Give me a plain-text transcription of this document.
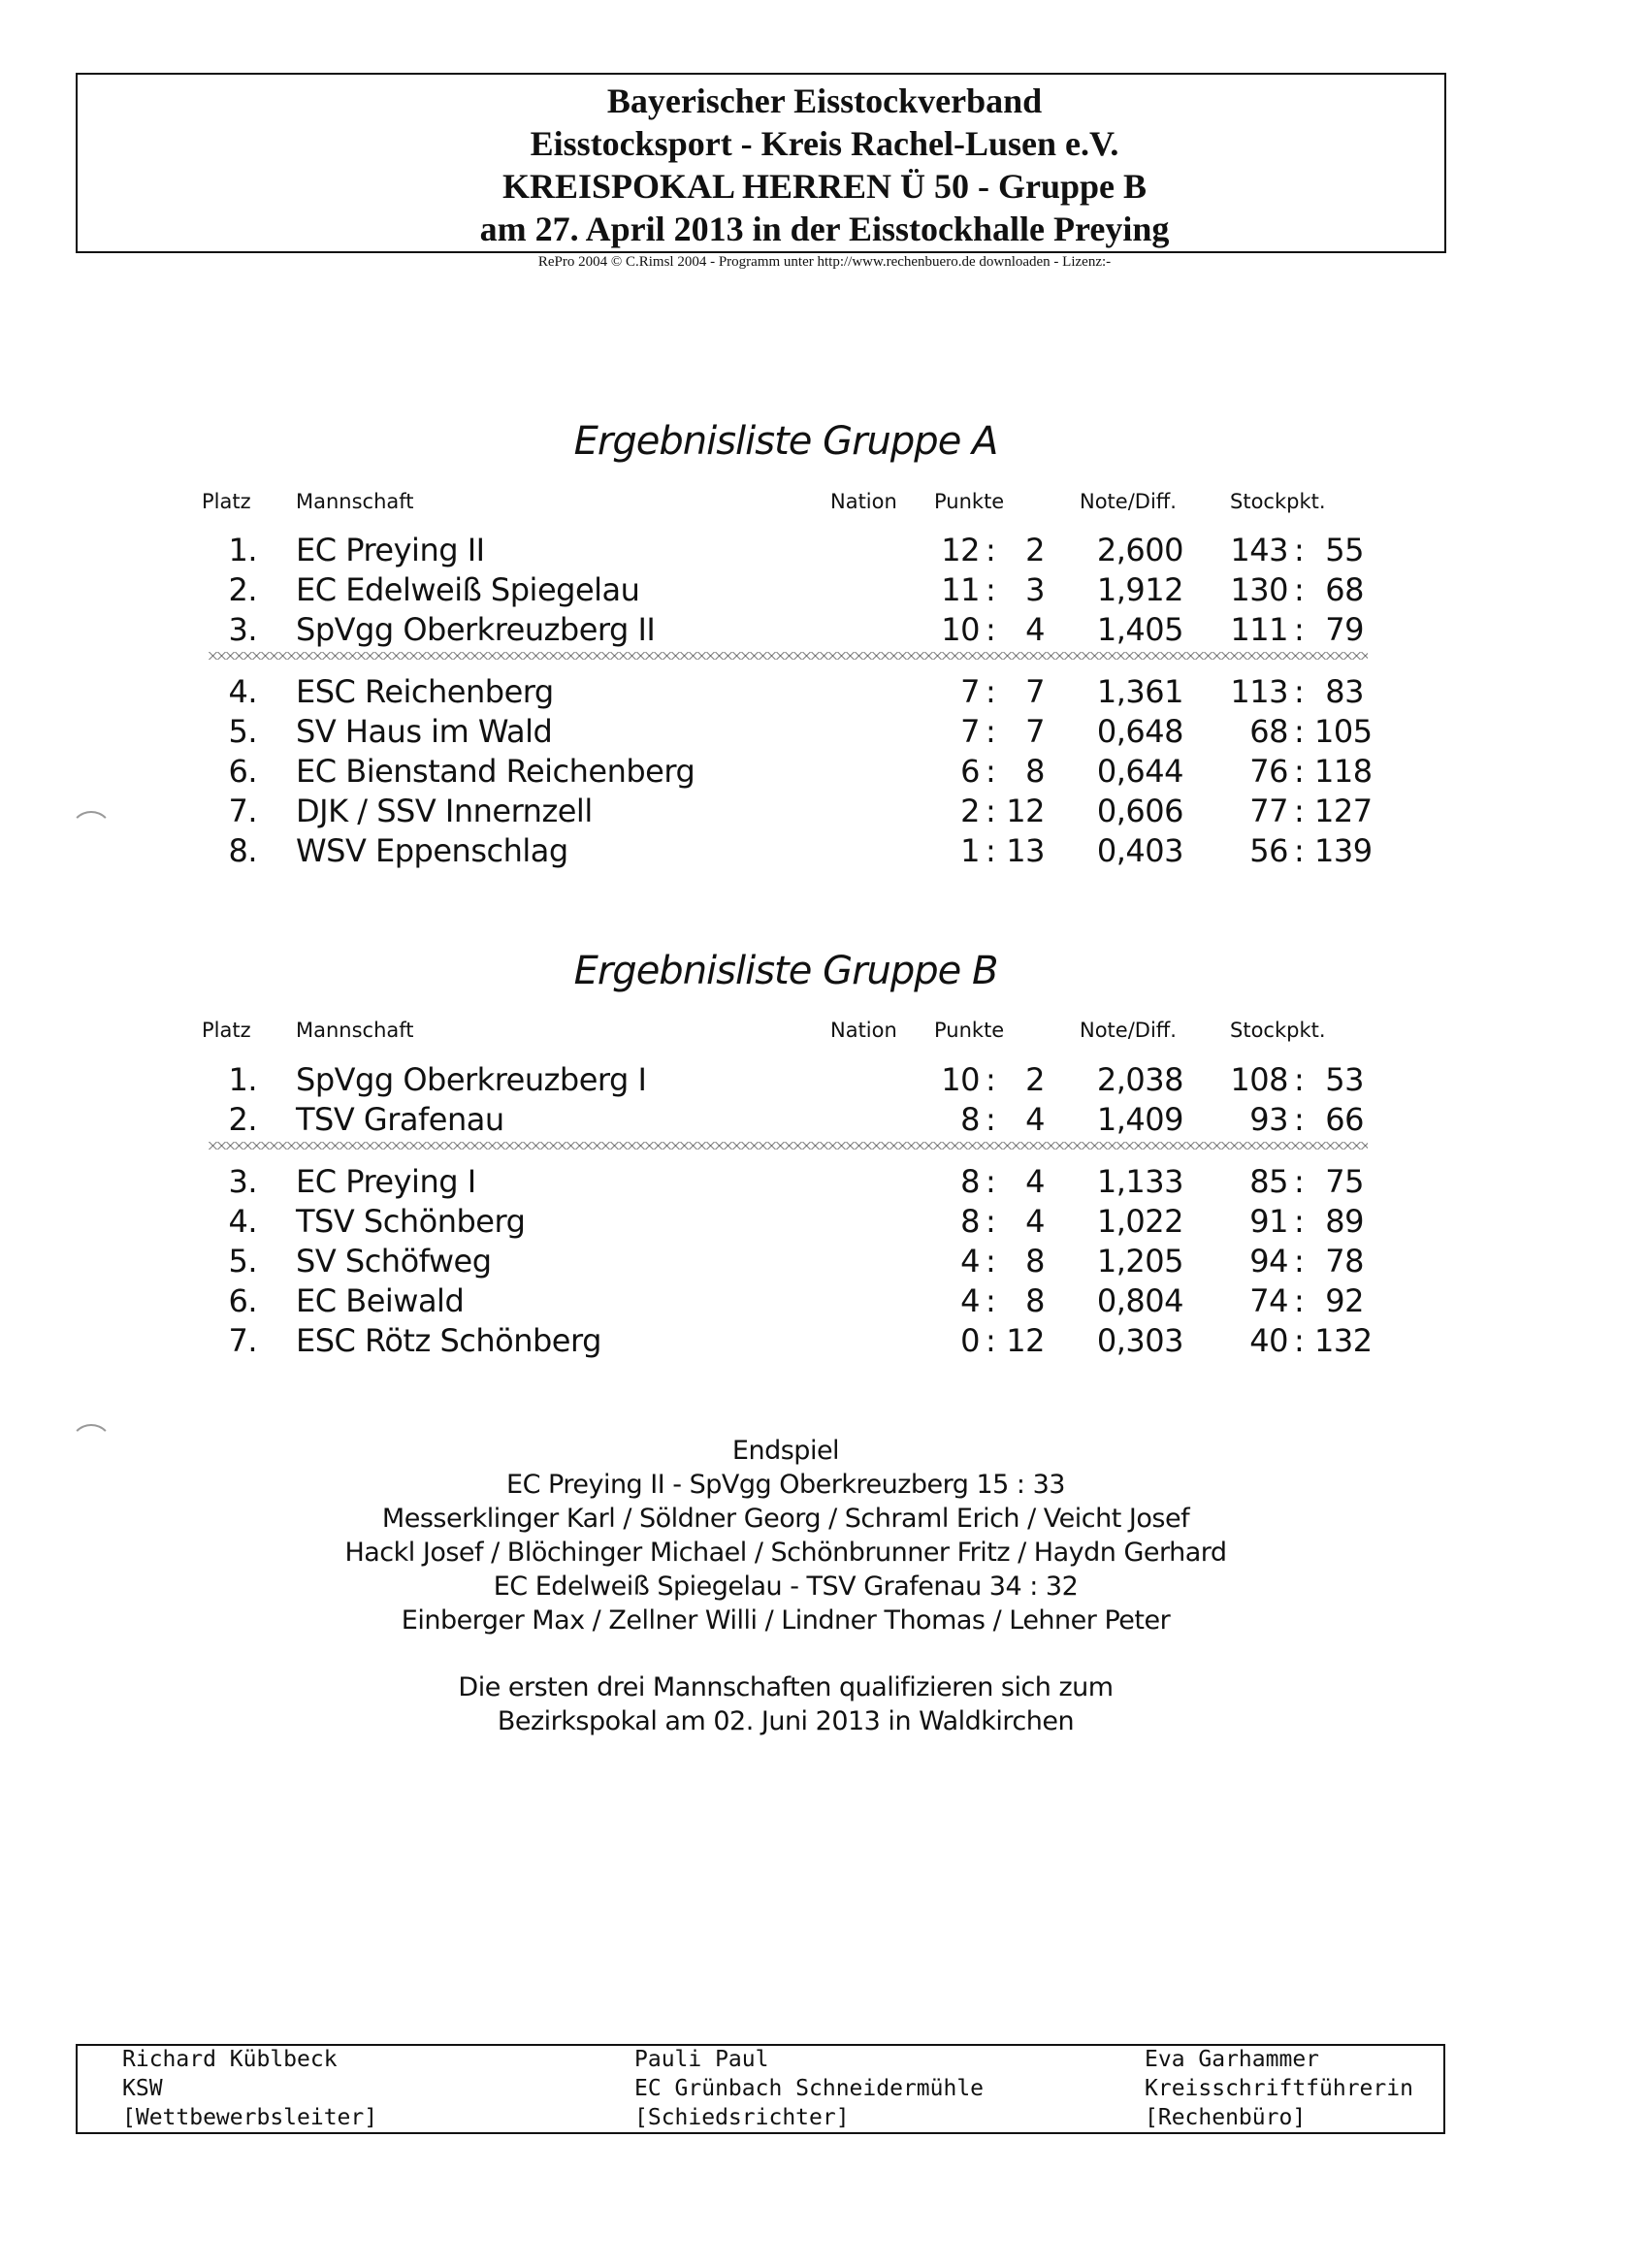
Bayerischer Eisstockverband
Eisstocksport - Kreis Rachel-Lusen e.V.
KREISPOKAL HERREN Ü 50 - Gruppe B
am 27. April 2013 in der Eisstockhalle Preying
RePro 2004 © C.Rimsl 2004 - Programm unter http://www.rechenbuero.de downloaden - Lizenz:-
Ergebnisliste Gruppe A
Platz Mannschaft	Nation Punkte	Note/Diff.	Stockpkt.
1. EC Preying II	12 : 2	2,600 143 : 55
2. EC Edelweiß Spiegelau	11 : 3	1,912 130 : 68
3. SpVgg Oberkreuzberg II	10 : 4	1,405 111 : 79
4. ESC Reichenberg	7 : 7	1,361 113 : 83
5. SV Haus im Wald	7 : 7	0,648	68 : 105
6. EC Bienstand Reichenberg	6 : 8	0,644	76 : 118
7. DJK / SSV Innernzell	2 : 12	0,606	77 : 127
8. WSV Eppenschlag	1 : 13	0,403	56 : 139
Ergebnisliste Gruppe B
Platz Mannschaft	Nation Punkte	Note/Diff.	Stockpkt.
1. SpVgg Oberkreuzberg I	10 : 2	2,038 108 : 53
2. TSV Grafenau	8 : 4	1,409	93 : 66
3. EC Preying I	8 : 4	1,133	85 : 75
4. TSV Schönberg	8 : 4	1,022	91 : 89
5. SV Schöfweg	4 : 8	1,205	94 : 78
6. EC Beiwald	4 : 8	0,804	74 : 92
7. ESC Rötz Schönberg	0 : 12	0,303	40 : 132
Endspiel
EC Preying II - SpVgg Oberkreuzberg 15 : 33
Messerklinger Karl / Söldner Georg / Schraml Erich / Veicht Josef
Hackl Josef / Blöchinger Michael / Schönbrunner Fritz / Haydn Gerhard
EC Edelweiß Spiegelau - TSV Grafenau 34 : 32
Einberger Max / Zellner Willi / Lindner Thomas / Lehner Peter
Die ersten drei Mannschaften qualifizieren sich zum
Bezirkspokal am 02. Juni 2013 in Waldkirchen
Richard Küblbeck
KSW
[Wettbewerbsleiter]
Pauli Paul
EC Grünbach Schneidermühle
[Schiedsrichter]
Eva Garhammer
Kreisschriftführerin
[Rechenbüro]
